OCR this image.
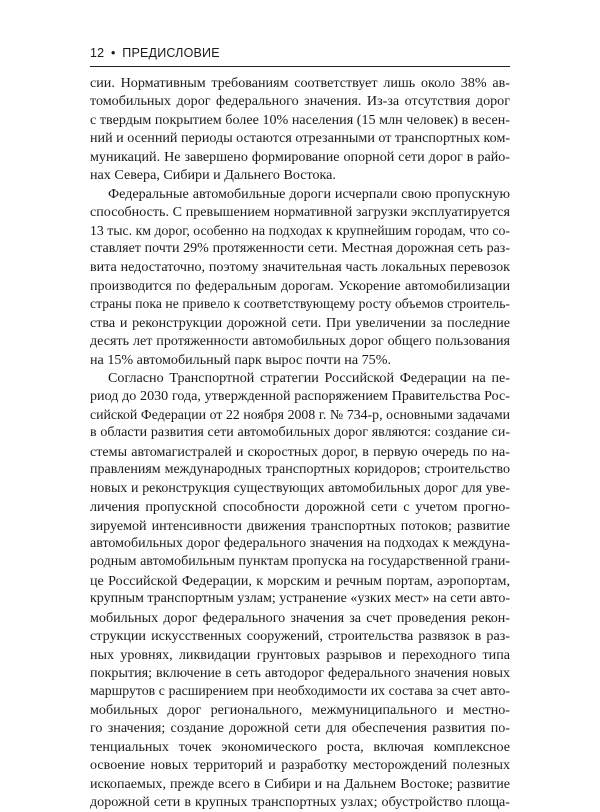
12 • ПРЕДИСЛОВИЕ
сии. Нормативным требованиям соответствует лишь около 38% ав-
томобильных дорог федерального значения. Из-за отсутствия дорог
с твердым покрытием более 10% населения (15 млн человек) в весен-
ний и осенний периоды остаются отрезанными от транспортных ком-
муникаций. Не завершено формирование опорной сети дорог в райо-
нах Севера, Сибири и Дальнего Востока.
Федеральные автомобильные дороги исчерпали свою пропускную
способность. С превышением нормативной загрузки эксплуатируется
13 тыс. км дорог, особенно на подходах к крупнейшим городам, что со-
ставляет почти 29% протяженности сети. Местная дорожная сеть раз-
вита недостаточно, поэтому значительная часть локальных перевозок
производится по федеральным дорогам. Ускорение автомобилизации
страны пока не привело к соответствующему росту объемов строитель-
ства и реконструкции дорожной сети. При увеличении за последние
десять лет протяженности автомобильных дорог общего пользования
на 15% автомобильный парк вырос почти на 75%.
Согласно Транспортной стратегии Российской Федерации на пе-
риод до 2030 года, утвержденной распоряжением Правительства Рос-
сийской Федерации от 22 ноября 2008 г. № 734-р, основными задачами
в области развития сети автомобильных дорог являются: создание си-
стемы автомагистралей и скоростных дорог, в первую очередь по на-
правлениям международных транспортных коридоров; строительство
новых и реконструкция существующих автомобильных дорог для уве-
личения пропускной способности дорожной сети с учетом прогно-
зируемой интенсивности движения транспортных потоков; развитие
автомобильных дорог федерального значения на подходах к междуна-
родным автомобильным пунктам пропуска на государственной грани-
це Российской Федерации, к морским и речным портам, аэропортам,
крупным транспортным узлам; устранение «узких мест» на сети авто-
мобильных дорог федерального значения за счет проведения рекон-
струкции искусственных сооружений, строительства развязок в раз-
ных уровнях, ликвидации грунтовых разрывов и переходного типа
покрытия; включение в сеть автодорог федерального значения новых
маршрутов с расширением при необходимости их состава за счет авто-
мобильных дорог регионального, межмуниципального и местно-
го значения; создание дорожной сети для обеспечения развития по-
тенциальных точек экономического роста, включая комплексное
освоение новых территорий и разработку месторождений полезных
ископаемых, прежде всего в Сибири и на Дальнем Востоке; развитие
дорожной сети в крупных транспортных узлах; обустройство площа-
